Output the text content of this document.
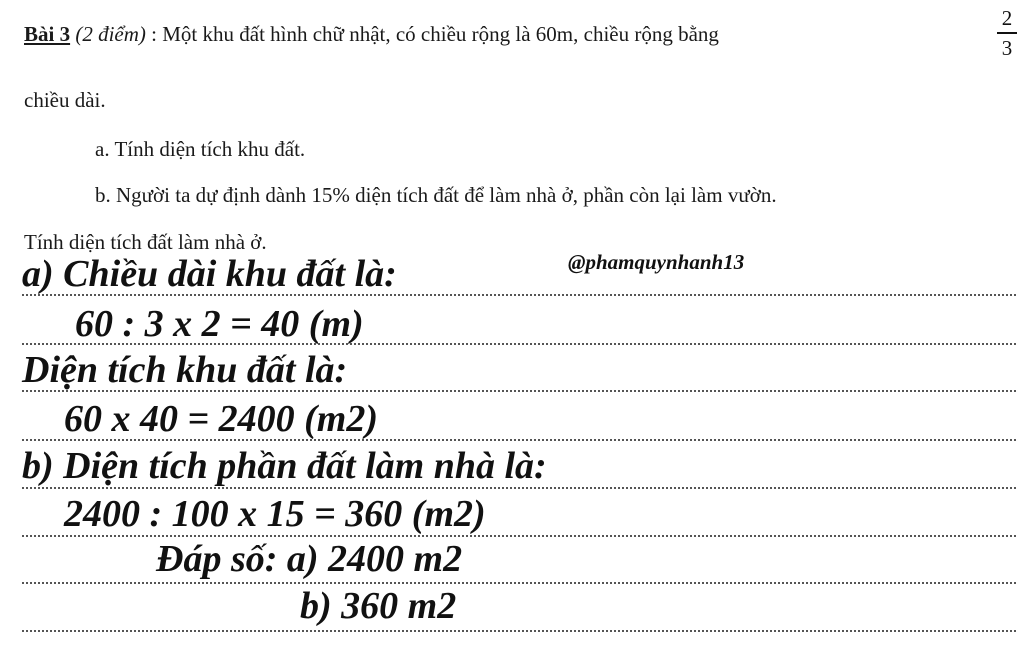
Bài 3 (2 điểm) : Một khu đất hình chữ nhật, có chiều rộng là 60m, chiều rộng bằng
2
3
chiều dài.
a. Tính diện tích khu đất.
b. Người ta dự định dành 15% diện tích đất để làm nhà ở, phần còn lại làm vườn.
Tính diện tích đất làm nhà ở.
@phamquynhanh13
a) Chiều dài khu đất là:
60 : 3 x 2 = 40 (m)
Diện tích khu đất là:
60 x 40 = 2400 (m2)
b) Diện tích phần đất làm nhà là:
2400 : 100 x 15 = 360 (m2)
Đáp số: a) 2400 m2
b) 360 m2
